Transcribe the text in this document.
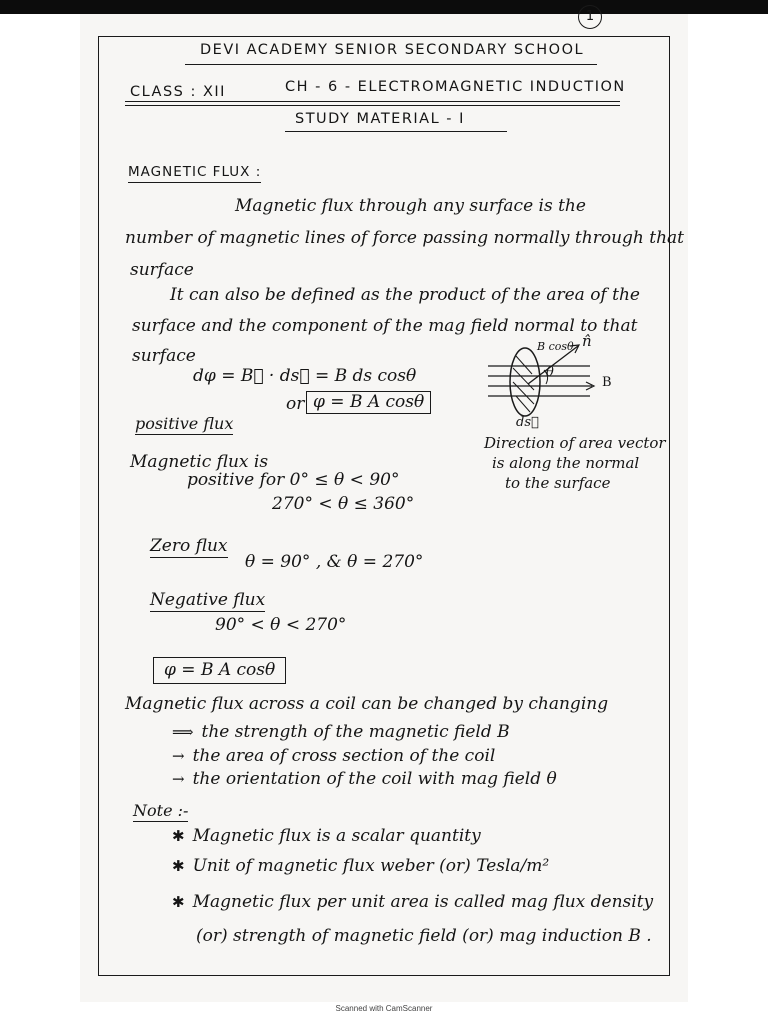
1
DEVI ACADEMY SENIOR SECONDARY SCHOOL
CLASS : XII	CH - 6 - ELECTROMAGNETIC INDUCTION
STUDY MATERIAL - I
MAGNETIC FLUX :
Magnetic flux through any surface is the
number of magnetic lines of force passing normally through that
surface
It can also be defined as the product of the area of the
surface and the component of the mag field normal to that
surface
dφ = B⃗ · ds⃗ = B ds cosθ
or φ = B A cosθ
B cosθ n̂
θ
B
ds⃗
Direction of area vector
is along the normal
to the surface
positive flux
Magnetic flux is
positive for 0° ≤ θ < 90°
270° < θ ≤ 360°
Zero flux
θ = 90° , & θ = 270°
Negative flux
90° < θ < 270°
φ = B A cosθ
Magnetic flux across a coil can be changed by changing
⟹ the strength of the magnetic field B
→ the area of cross section of the coil
→ the orientation of the coil with mag field θ
Note :-
✱ Magnetic flux is a scalar quantity
✱ Unit of magnetic flux weber (or) Tesla/m²
✱ Magnetic flux per unit area is called mag flux density
(or) strength of magnetic field (or) mag induction B .
Scanned with CamScanner
